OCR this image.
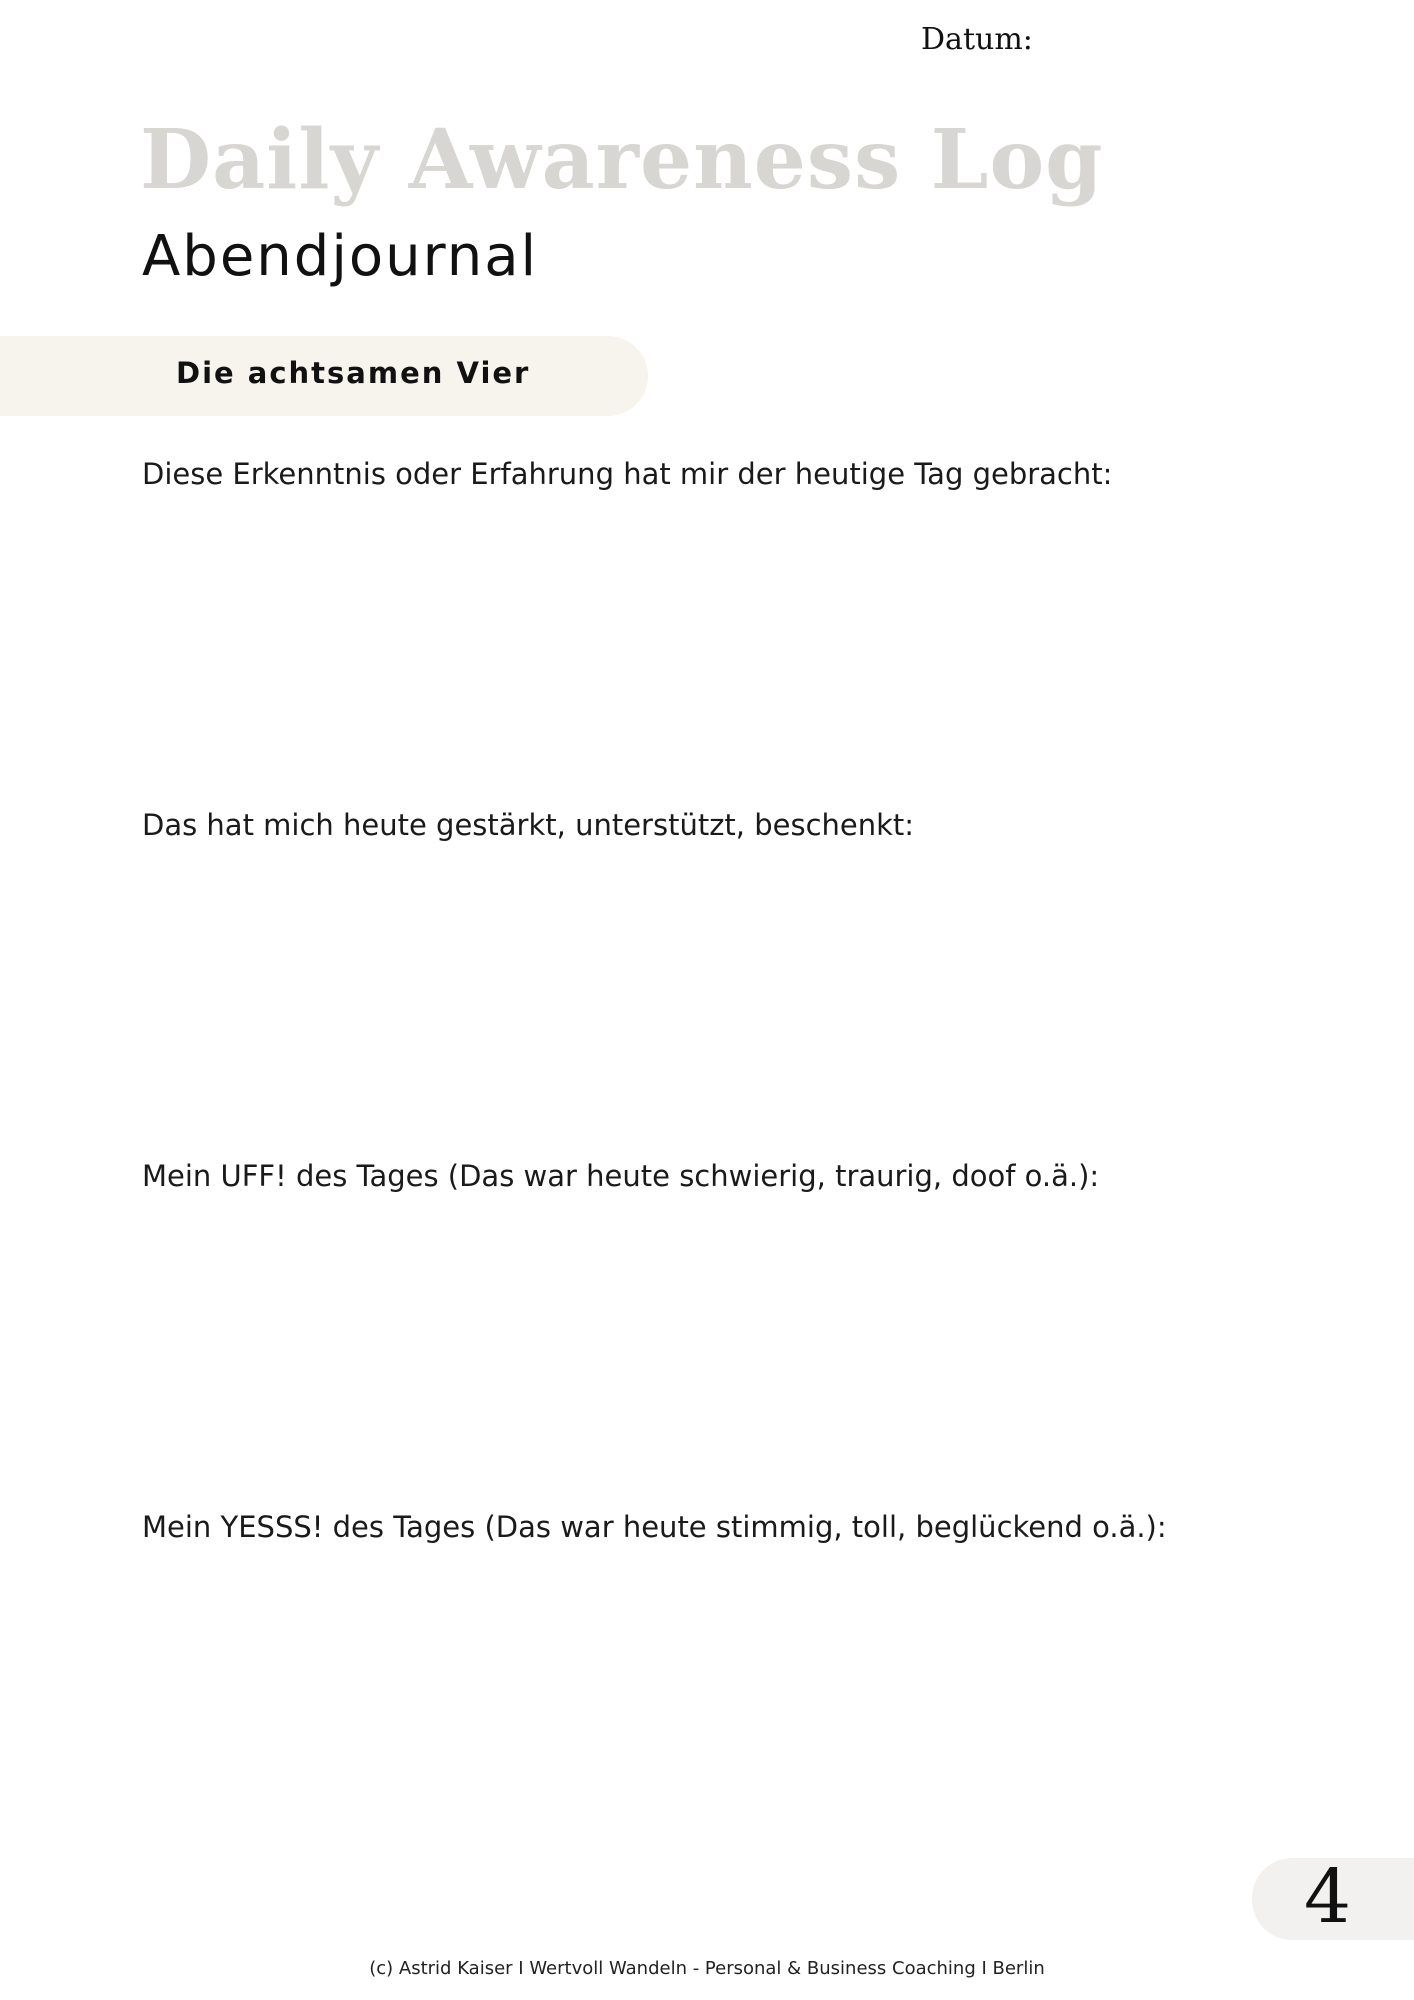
Datum:
Daily Awareness Log
Abendjournal
Die achtsamen Vier
Diese Erkenntnis oder Erfahrung hat mir der heutige Tag gebracht:
Das hat mich heute gestärkt, unterstützt, beschenkt:
Mein UFF! des Tages (Das war heute schwierig, traurig, doof o.ä.):
Mein YESSS! des Tages (Das war heute stimmig, toll, beglückend o.ä.):
4
(c) Astrid Kaiser I Wertvoll Wandeln - Personal & Business Coaching I Berlin
